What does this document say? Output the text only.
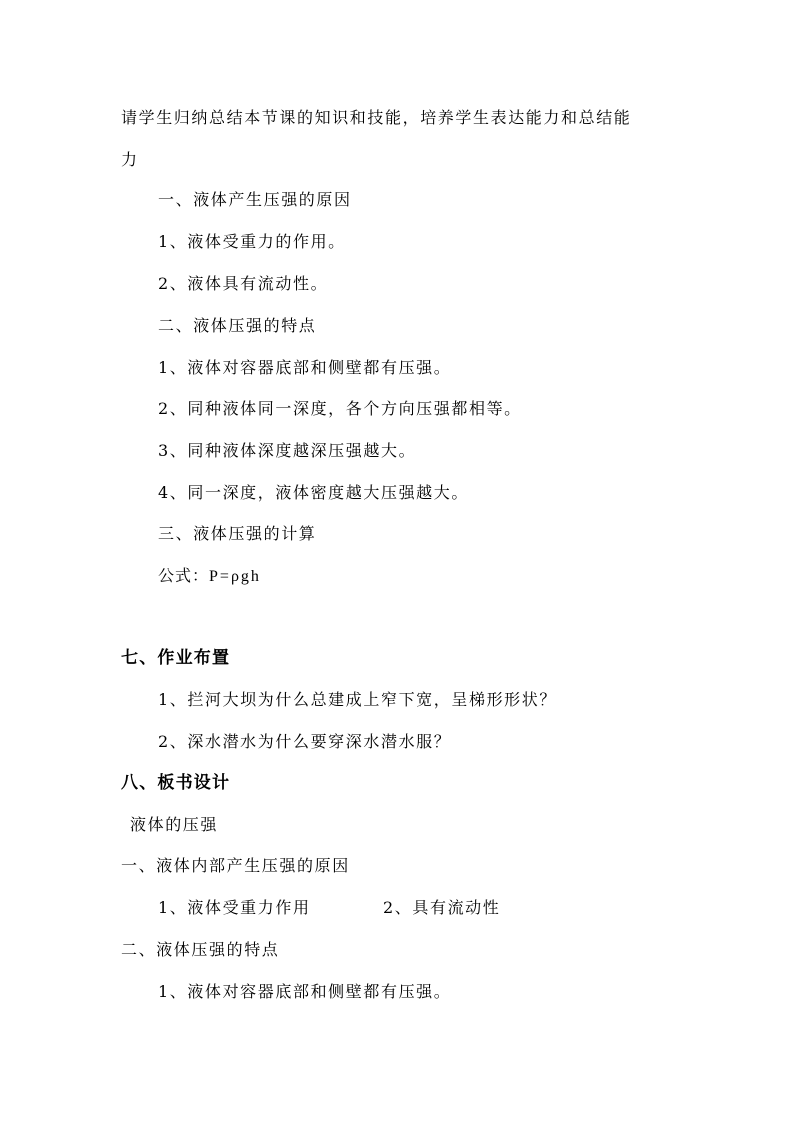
请学生归纳总结本节课的知识和技能，培养学生表达能力和总结能
力
一、液体产生压强的原因
1、液体受重力的作用。
2、液体具有流动性。
二、液体压强的特点
1、液体对容器底部和侧壁都有压强。
2、同种液体同一深度，各个方向压强都相等。
3、同种液体深度越深压强越大。
4、同一深度，液体密度越大压强越大。
三、液体压强的计算
公式：P=ρgh
七、作业布置
1、拦河大坝为什么总建成上窄下宽，呈梯形形状？
2、深水潜水为什么要穿深水潜水服？
八、板书设计
液体的压强
一、液体内部产生压强的原因
1、液体受重力作用	2、具有流动性
二、液体压强的特点
1、液体对容器底部和侧壁都有压强。
